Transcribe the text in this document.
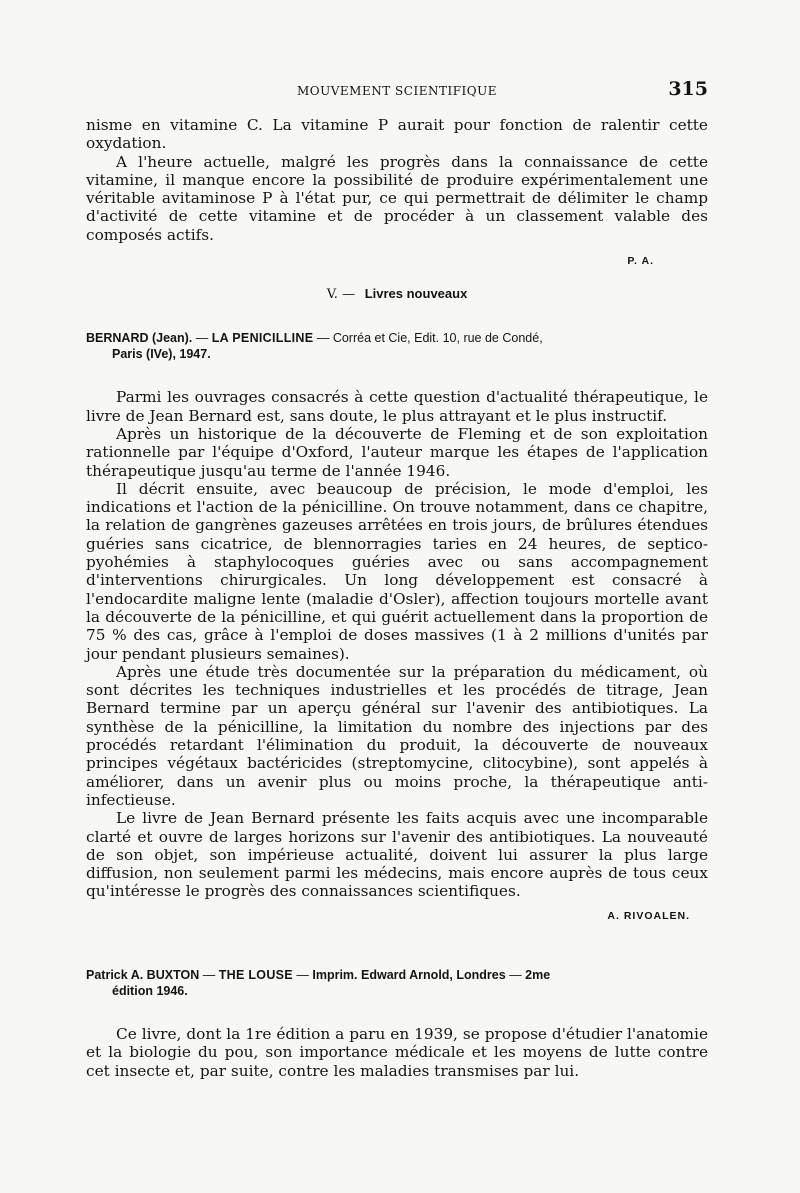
MOUVEMENT SCIENTIFIQUE	315

nisme en vitamine C. La vitamine P aurait pour fonction de ralentir cette oxydation.

A l'heure actuelle, malgré les progrès dans la connaissance de cette vitamine, il manque encore la possibilité de produire expérimentalement une véritable avitaminose P à l'état pur, ce qui permettrait de délimiter le champ d'activité de cette vitamine et de procéder à un classement valable des composés actifs.

P. A.

V. — Livres nouveaux
BERNARD (Jean). — LA PENICILLINE — Corréa et Cie, Edit. 10, rue de Condé,
Paris (IVe), 1947.

Parmi les ouvrages consacrés à cette question d'actualité thérapeutique, le livre de Jean Bernard est, sans doute, le plus attrayant et le plus instructif.

Après un historique de la découverte de Fleming et de son exploitation rationnelle par l'équipe d'Oxford, l'auteur marque les étapes de l'application thérapeutique jusqu'au terme de l'année 1946.

Il décrit ensuite, avec beaucoup de précision, le mode d'emploi, les indications et l'action de la pénicilline. On trouve notamment, dans ce chapitre, la relation de gangrènes gazeuses arrêtées en trois jours, de brûlures étendues guéries sans cicatrice, de blennorragies taries en 24 heures, de septico-pyohémies à staphylocoques guéries avec ou sans accompagnement d'interventions chirurgicales. Un long développement est consacré à l'endocardite maligne lente (maladie d'Osler), affection toujours mortelle avant la découverte de la pénicilline, et qui guérit actuellement dans la proportion de 75 % des cas, grâce à l'emploi de doses massives (1 à 2 millions d'unités par jour pendant plusieurs semaines).

Après une étude très documentée sur la préparation du médicament, où sont décrites les techniques industrielles et les procédés de titrage, Jean Bernard termine par un aperçu général sur l'avenir des antibiotiques. La synthèse de la pénicilline, la limitation du nombre des injections par des procédés retardant l'élimination du produit, la découverte de nouveaux principes végétaux bactéricides (streptomycine, clitocybine), sont appelés à améliorer, dans un avenir plus ou moins proche, la thérapeutique anti-infectieuse.

Le livre de Jean Bernard présente les faits acquis avec une incomparable clarté et ouvre de larges horizons sur l'avenir des antibiotiques. La nouveauté de son objet, son impérieuse actualité, doivent lui assurer la plus large diffusion, non seulement parmi les médecins, mais encore auprès de tous ceux qu'intéresse le progrès des connaissances scientifiques.

A. RIVOALEN.

Patrick A. BUXTON — THE LOUSE — Imprim. Edward Arnold, Londres — 2me
édition 1946.

Ce livre, dont la 1re édition a paru en 1939, se propose d'étudier l'anatomie et la biologie du pou, son importance médicale et les moyens de lutte contre cet insecte et, par suite, contre les maladies transmises par lui.
